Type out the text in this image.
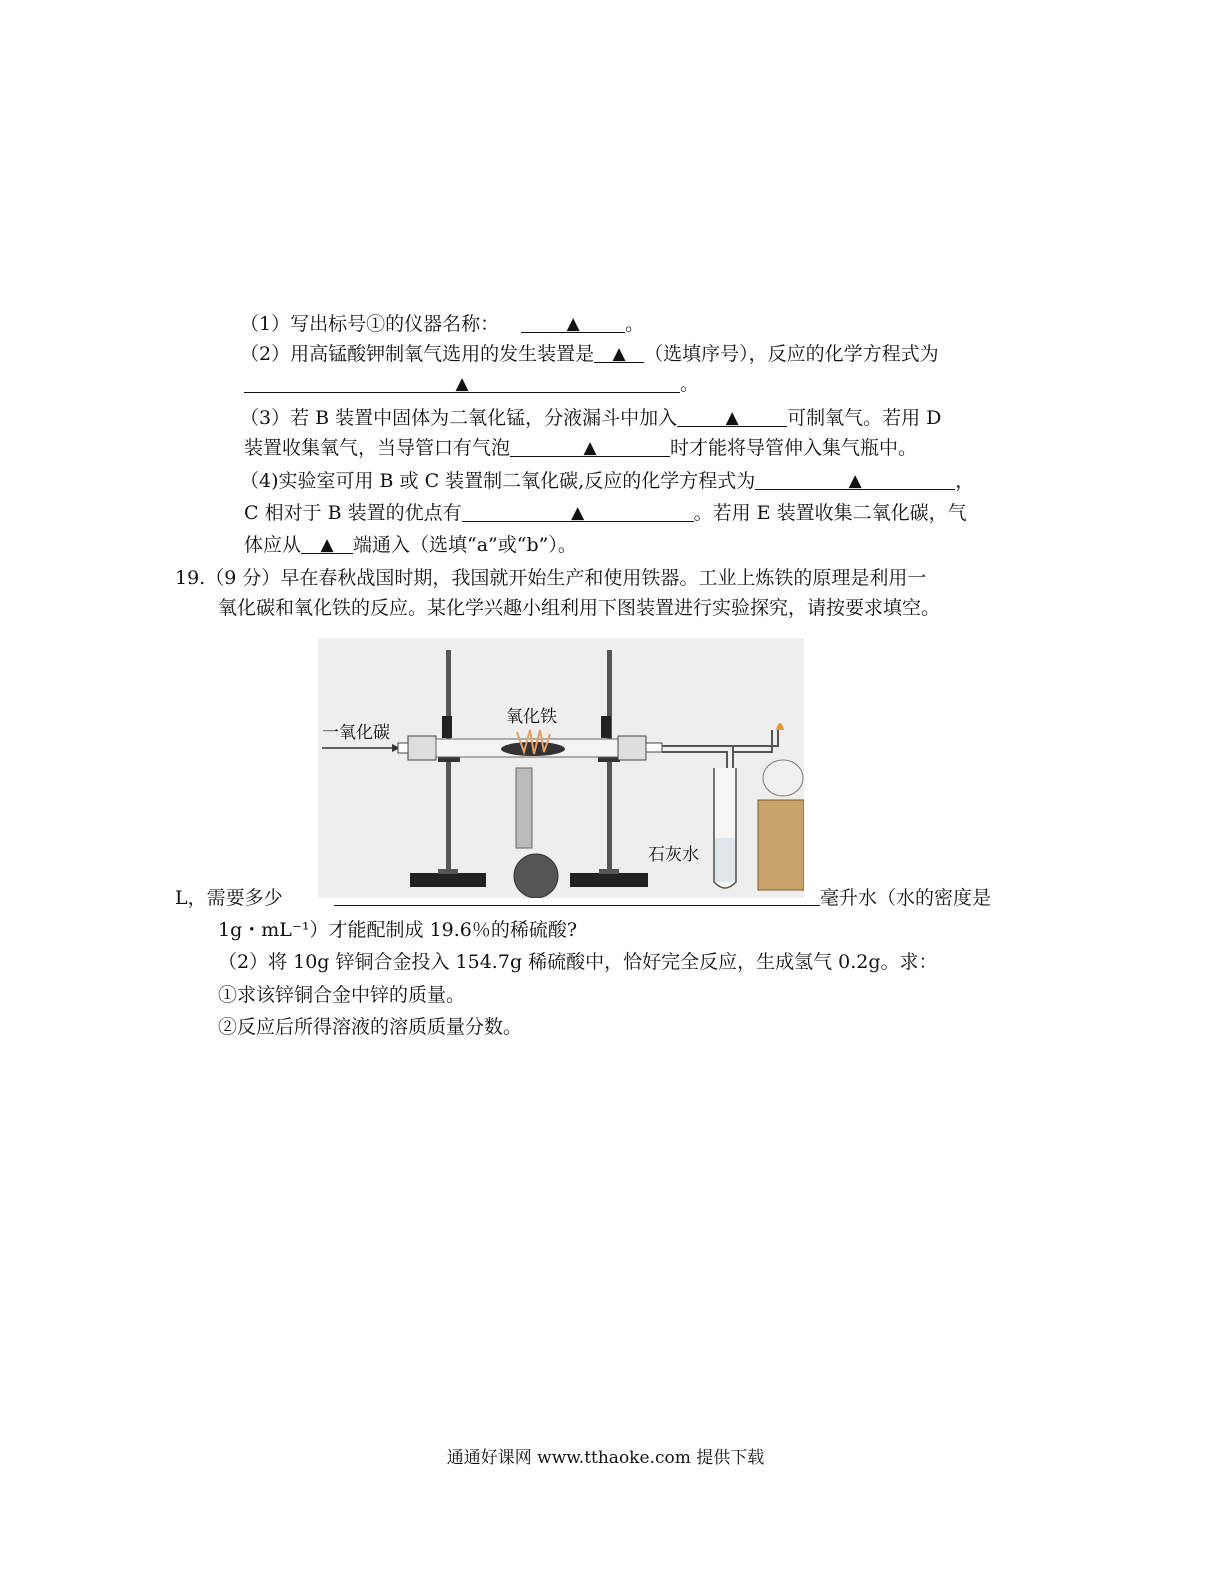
（1）写出标号①的仪器名称：	▲ 。
（2）用高锰酸钾制氧气选用的发生装置是 ▲ （选填序号），反应的化学方程式为
▲	。
（3）若 B 装置中固体为二氧化锰，分液漏斗中加入	▲	可制氧气。若用 D
装置收集氧气，当导管口有气泡	▲	时才能将导管伸入集气瓶中。
（4)实验室可用 B 或 C 装置制二氧化碳,反应的化学方程式为	▲	，
C 相对于 B 装置的优点有	▲	。若用 E 装置收集二氧化碳，气
体应从 ▲ 端通入（选填“a”或“b”）。
19.（9 分）早在春秋战国时期，我国就开始生产和使用铁器。工业上炼铁的原理是利用一
氧化碳和氧化铁的反应。某化学兴趣小组利用下图装置进行实验探究，请按要求填空。
一氧化碳
氧化铁
石灰水
L，需要多少	毫升水（水的密度是
1g・mL⁻¹）才能配制成 19.6％的稀硫酸?
（2）将 10g 锌铜合金投入 154.7g 稀硫酸中，恰好完全反应，生成氢气 0.2g。求：
①求该锌铜合金中锌的质量。
②反应后所得溶液的溶质质量分数。
通通好课网 www.tthaoke.com 提供下载
